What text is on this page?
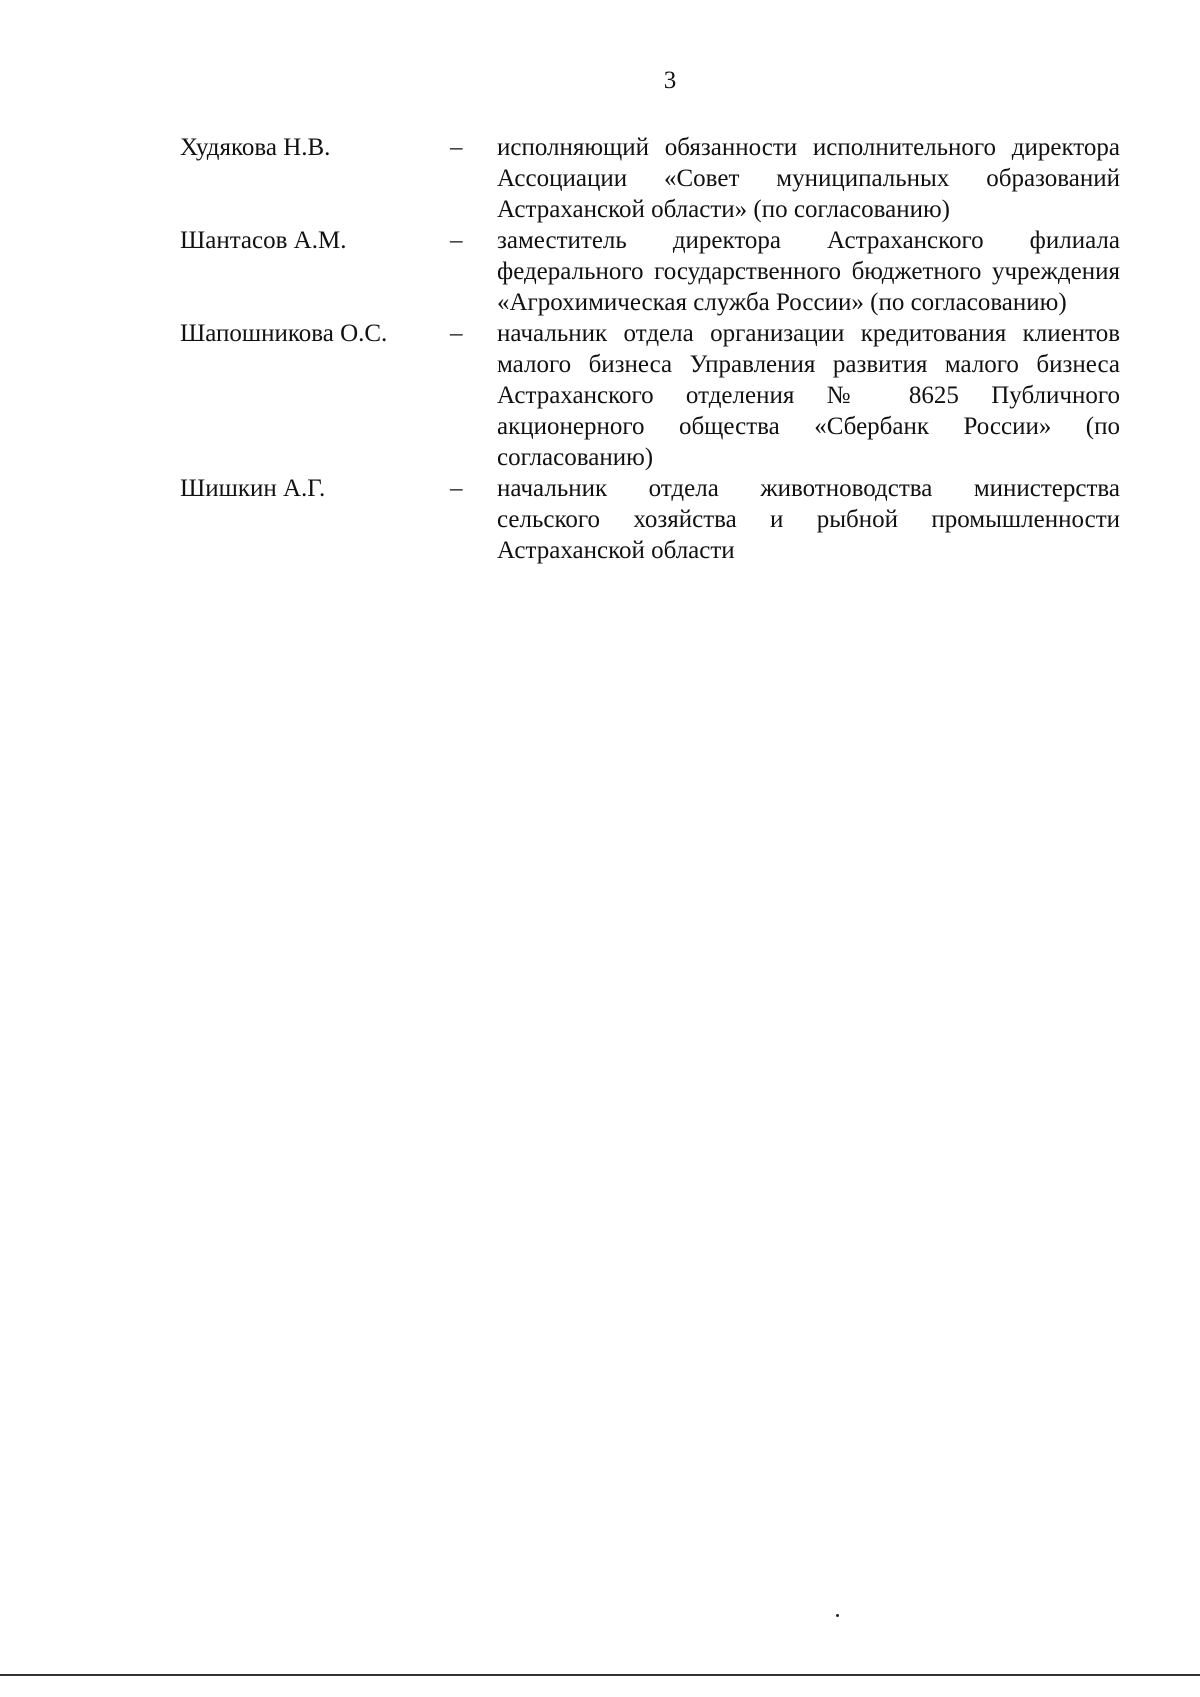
3
Худякова Н.В.	–	исполняющий обязанности исполнительного директора Ассоциации «Совет муниципальных образований Астраханской области» (по согласованию)
Шантасов А.М.	–	заместитель директора Астраханского филиала федерального государственного бюджетного учреждения «Агрохимическая служба России» (по согласованию)
Шапошникова О.С.	–	начальник отдела организации кредитования клиентов малого бизнеса Управления развития малого бизнеса Астраханского отделения № 8625 Публичного акционерного общества «Сбербанк России» (по согласованию)
Шишкин А.Г.	–	начальник отдела животноводства министерства сельского хозяйства и рыбной промышленности Астраханской области
